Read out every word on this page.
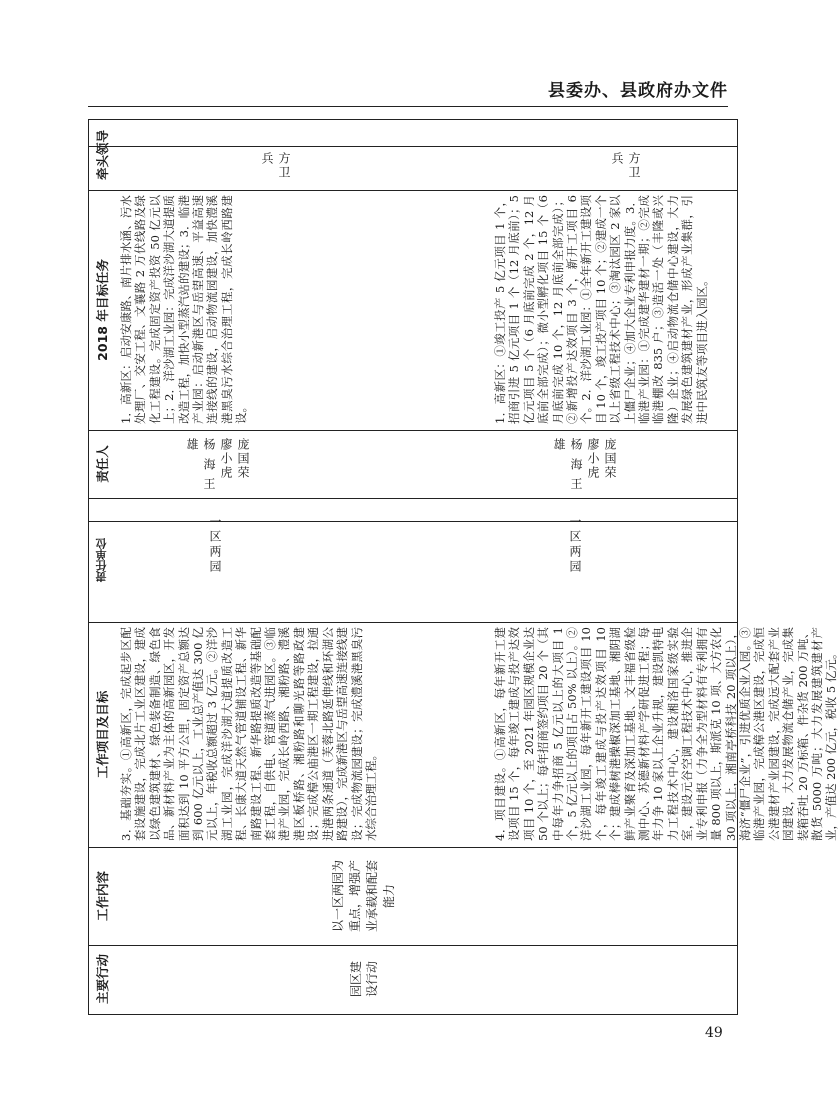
县委办、县政府办文件
主要行动
工作内容
工作项目及目标
责任单位
责任人
2018 年目标任务
牵头领导
园区建设行动
以一区两园为重点，增强产业承载和配套能力
3．基础夯实。①高新区，完成起步区配套设施建设，完成北片工业区建设，建成以绿色建筑建材、绿色装备制造、绿色食品、新材料产业为主体的高新园区，开发面积达到 10 平方公里，固定资产总额达到 600 亿元以上，工业总产值达 300 亿元以上，年税收总额超过 3 亿元。②洋沙湖工业园，完成洋沙湖大道提质改造工程、长康大道天然气管道铺设工程、新华南路建设工程、新华路提质改造等基础配套工程，自供电、管道蒸气进园区。③临港产业园，完成长岭西路、湘粉路、澧溪港区板桥路、湘粉路和聊光路等路政建设；完成樟公庙港区一期工程建设，拉通进港两条通道（芙蓉北路延伸线和环湖公路建设），完成新港区与岳望高速连接线建设；完成物流园建设；完成澧溪港黑臭污水综合治理工程。
一区两园
庞国荣 廖小虎 杨 海 王 雄
1．高新区：启动安康路、南片排水涵、污水处理厂、交安工程、文襄路 2 万伏线路及绿化工程建设。完成固定资产投资 50 亿元以上；2．洋沙湖工业园：完成洋沙湖大道提质改造工程，加快小型蒸汽站的建设；3．临港产业园：启动新港区与岳望高速、平益高速连接线的建设，启动物流园建设，加快澧溪港黑臭污水综合治理工程，完成长岭西路建设。
方卫兵
4．项目建设。①高新区，每年新开工建设项目 15 个，每年竣工建成与投产达效项目 10 个，至 2021 年园区规模企业达 50 个以上；每年招商签约项目 20 个（其中每年力争招商 5 亿元以上的大项目 1 个，5 亿元以上的项目占 50% 以上）。②洋沙湖工业园，每年新开工建设项目 10 个，每年竣工建成与投产达效项目 10 个；建成棒树港操椒深加工基地、湘阴湖鲜产业聚育及深加工基地、文丰福省级检测中心、苏德新材料产学研促进工程；每年力争 10 家以上企业升规，建设凯特电力工程技术中心，建设湘洛国家级实验室，建设元谷空调工程技术中心，推进企业专利申报（力争全为型材料有专利拥有量 800 项以上，斯派克 10 项、大方农化 30 项以上，湘南亭桥科技 20 项以上），海济“僵尸企业”，引进优质企业入园。③临港产业园，完成樟公港区建设，完成恒公港建材产业园建设，完成远大配套产业园建设，大力发展物流仓储产业，完成集装箱吞吐 20 万标箱、件杂货 200 万吨、散货 5000 万吨；大力发展建筑建材产业，产值达 200 亿元，税收 5 亿元。
一区两园
庞国荣 廖小虎 杨 海 王 雄
1．高新区：①竣工投产 5 亿元项目 1 个，招商引进 5 亿元项目 1 个（12 月底前）；5 亿元项目 5 个（6 月底前完成 2 个，12 月底前全部完成）；微小型孵化项目 15 个（6 月底前完成 10 个，12 月底前全部完成）；②新增投产达效项目 3 个，新开工项目 6 个。2．洋沙湖工业园：①全年新开工建设项目 10 个，竣工投产项目 10 个；②建成一个以上省级工程技术中心；③淘汰园区 2 家以上僵尸企业；④加大企业专利申报力度。3．临港产业园：①完成建华建材一期；②完成临港棚改 835 户；③造活一处（丰隆或兴隆）企业；④启动物流仓储中心建设，大力发展绿色建筑建材产业，形成产业集群，引进中民筑友等项目进入园区。
方卫兵
49
